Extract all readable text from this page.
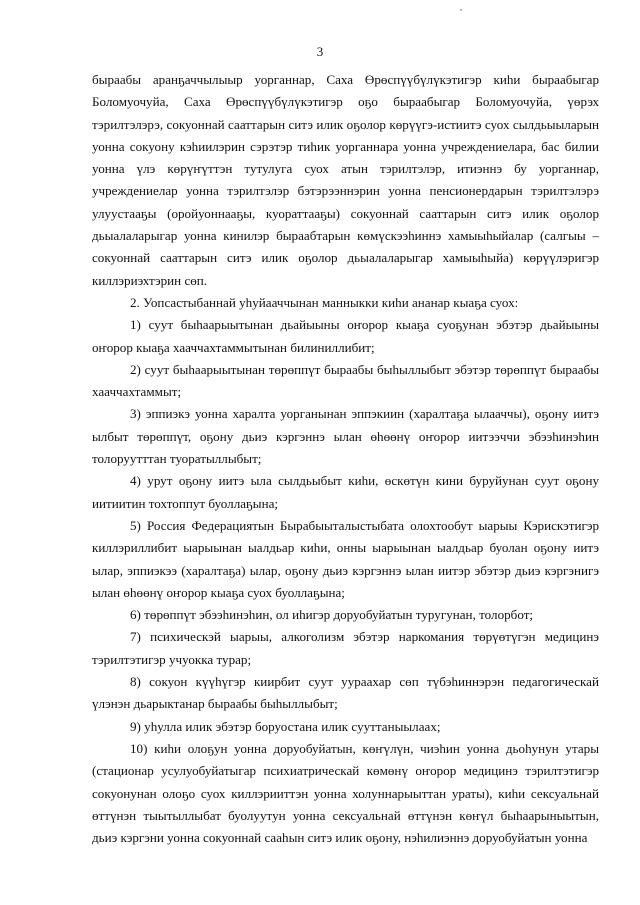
3

быраабы аранҕаччылыыр уорганнар, Саха Өрөспүүбүлүкэтигэр киһи быраабыгар Боломуочуйа, Саха Өрөспүүбүлүкэтигэр оҕо быраабыгар Боломуочуйа, үөрэх тэрилтэлэрэ, сокуоннай сааттарын ситэ илик оҕолор көрүүгэ-истиитэ суох сылдьыыларын уонна сокуону кэһиилэрин сэрэтэр тиһик уорганнара уонна учреждениелара, бас билии уонна үлэ көрүҥүттэн тутулуга суох атын тэрилтэлэр, итиэннэ бу уорганнар, учреждениелар уонна тэрилтэлэр бэтэрээннэрин уонна пенсионердарын тэрилтэлэрэ улуустааҕы (оройуоннааҕы, куораттааҕы) сокуоннай сааттарын ситэ илик оҕолор дьыалаларыгар уонна кинилэр быраабтарын көмүскээһиннэ хамыыһыйалар (салгыы – сокуоннай сааттарын ситэ илик оҕолор дьыалаларыгар хамыыһыйа) көрүүлэригэр киллэриэхтэрин сөп.

2. Уопсастыбаннай уһуйааччынан манныкки киһи ананар кыаҕа суох:

1) суут быһаарыытынан дьайыыны оҥорор кыаҕа суоҕунан эбэтэр дьайыыны оҥорор кыаҕа хааччахтаммытынан билиниллибит;

2) суут быһаарыытынан төрөппүт быраабы быһыллыбыт эбэтэр төрөппүт быраабы хааччахтаммыт;

3) эппиэкэ уонна харалта уорганынан эппэкиин (харалтаҕа ылааччы), оҕону иитэ ылбыт төрөппүт, оҕону дьиэ кэргэннэ ылан өһөөнү оҥорор иитээччи эбээһинэһин толоруутттан туоратыллыбыт;

4) урут оҕону иитэ ыла сылдьыбыт киһи, өскөтүн кини буруйунан суут оҕону иитиитин тохтоппут буоллаҕына;

5) Россия Федерациятын Бырабыыталыстыбата олохтообут ыарыы Кэрискэтигэр киллэриллибит ыарыынан ыалдьар киһи, онны ыарыынан ыалдьар буолан оҕону иитэ ылар, эппиэкээ (харалтаҕа) ылар, оҕону дьиэ кэргэннэ ылан иитэр эбэтэр дьиэ кэргэнигэ ылан өһөөнү оҥорор кыаҕа суох буоллаҕына;

6) төрөппүт эбээһинэһин, ол иһигэр доруобуйатын туругунан, толорбот;

7) психическэй ыарыы, алкоголизм эбэтэр наркомания төрүөтүгэн медицинэ тэрилтэтигэр учуокка турар;

8) сокуон күүһүгэр киирбит суут уураахар сөп түбэһиннэрэн педагогическай үлэнэн дьарыктанар быраабы быһыллыбыт;

9) уһулла илик эбэтэр боруостана илик сууттаныылаах;

10) киһи олоҕун уонна доруобуйатын, көҥүлүн, чиэһин уонна дьоһунун утары (стационар усулуобуйатыгар психиатрическай көмөнү оҥорор медицинэ тэрилтэтигэр сокуонунан олоҕо суох киллэрииттэн уонна холуннарыыттан ураты), киһи сексуальнай өттүнэн тыытыллыбат буолуутун уонна сексуальнай өттүнэн көҥүл быһаарыныытын, дьиэ кэргэни уонна сокуоннай сааһын ситэ илик оҕону, нэһилиэннэ доруобуйатын уонна
